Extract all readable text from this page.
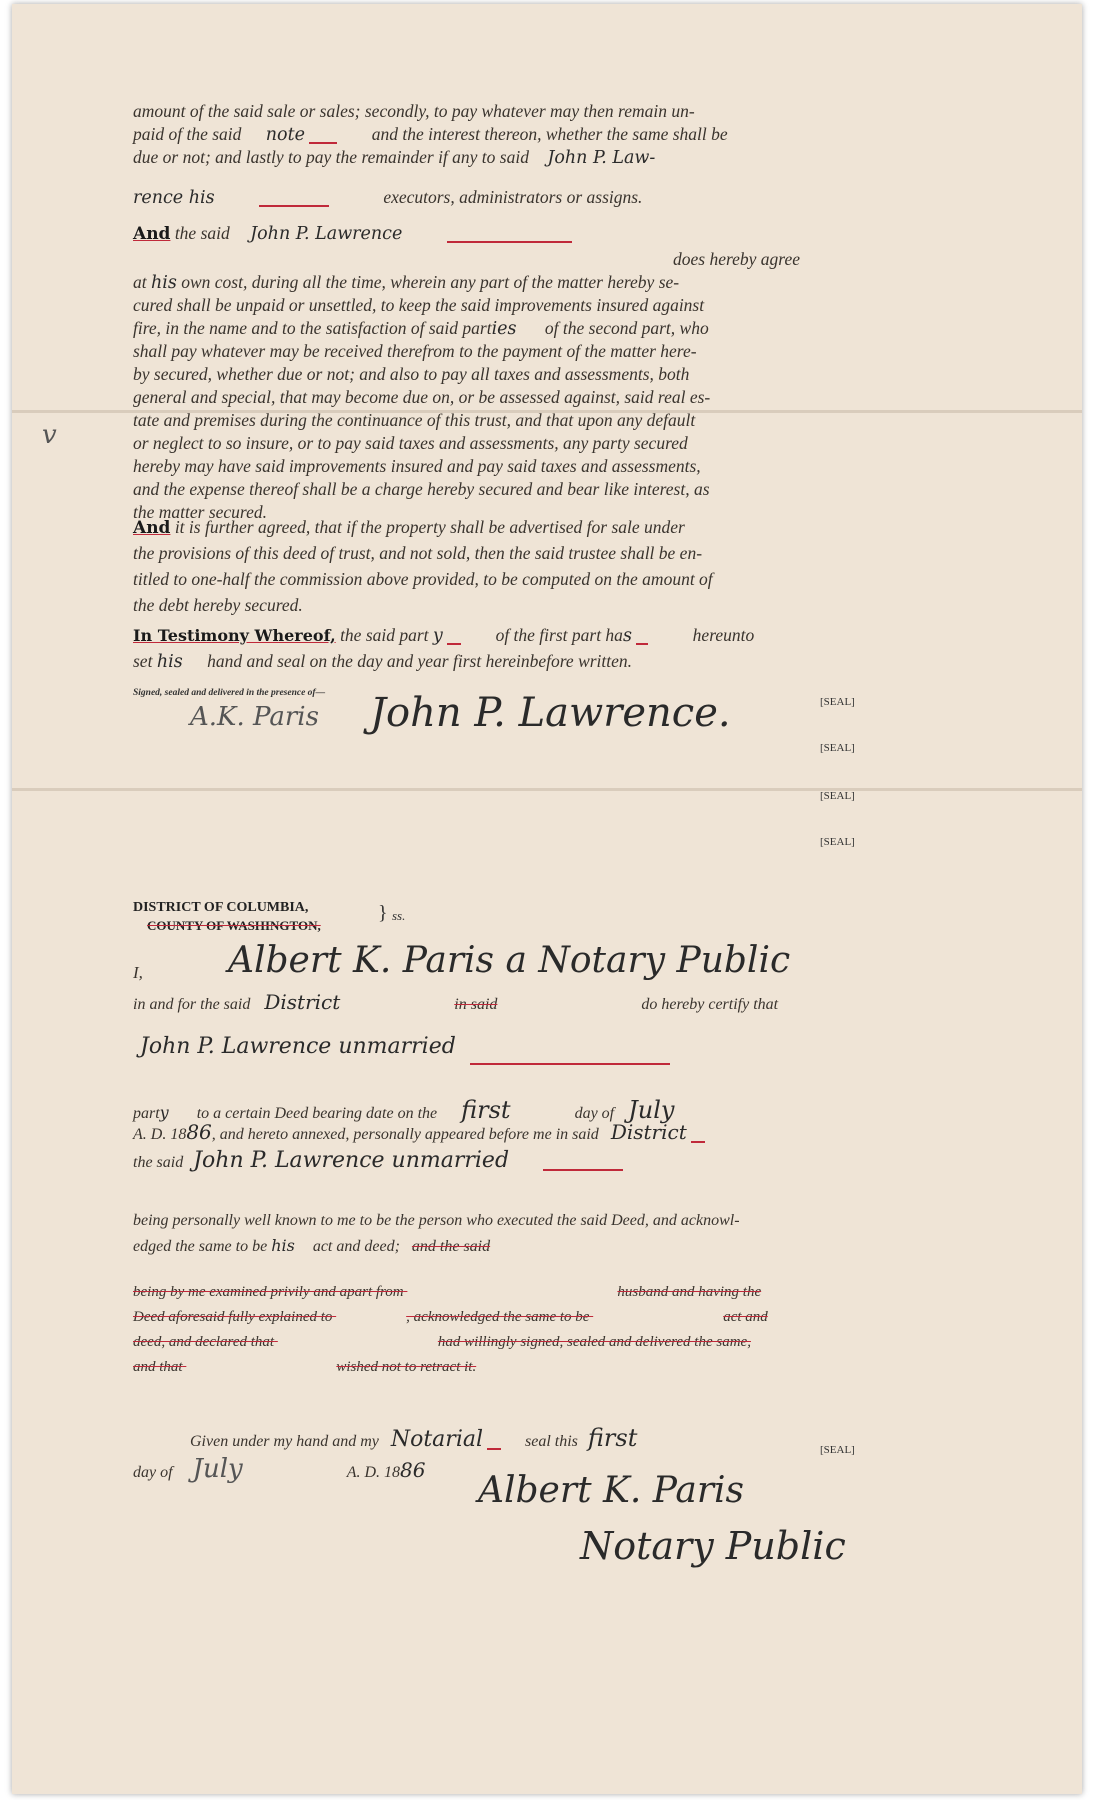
v
amount of the said sale or sales; secondly, to pay whatever may then remain un-
paid of the said note	and the interest thereon, whether the same shall be
due or not; and lastly to pay the remainder if any to said John P. Law-
rence his	executors, administrators or assigns.
And the said John P. Lawrence
does hereby agree
at his own cost, during all the time, wherein any part of the matter hereby se-
cured shall be unpaid or unsettled, to keep the said improvements insured against
fire, in the name and to the satisfaction of said parties of the second part, who
shall pay whatever may be received therefrom to the payment of the matter here-
by secured, whether due or not; and also to pay all taxes and assessments, both
general and special, that may become due on, or be assessed against, said real es-
tate and premises during the continuance of this trust, and that upon any default
or neglect to so insure, or to pay said taxes and assessments, any party secured
hereby may have said improvements insured and pay said taxes and assessments,
and the expense thereof shall be a charge hereby secured and bear like interest, as
the matter secured.
And it is further agreed, that if the property shall be advertised for sale under
the provisions of this deed of trust, and not sold, then the said trustee shall be en-
titled to one-half the commission above provided, to be computed on the amount of
the debt hereby secured.
In Testimony Whereof, the said part y	of the first part has	hereunto
set his hand and seal on the day and year first hereinbefore written.
Signed, sealed and delivered in the presence of—
A.K. Paris John P. Lawrence.	[SEAL]
[SEAL]
[SEAL]
[SEAL]
DISTRICT OF COLUMBIA,
COUNTY OF WASHINGTON,
} ss.
I, Albert K. Paris a Notary Public
in and for the said District	in said	do hereby certify that
John P. Lawrence unmarried
party to a certain Deed bearing date on the first	day of July
A. D. 1886, and hereto annexed, personally appeared before me in said District
the said John P. Lawrence unmarried
being personally well known to me to be the person who executed the said Deed, and acknowl-
edged the same to be his act and deed; and the said
being by me examined privily and apart from	husband and having the
Deed aforesaid fully explained to	, acknowledged the same to be	act and
deed, and declared that	had willingly signed, sealed and delivered the same,
and that	wished not to retract it.
Given under my hand and my Notarial	seal this first
day of July	A. D. 1886
[SEAL]
Albert K. Paris
Notary Public
